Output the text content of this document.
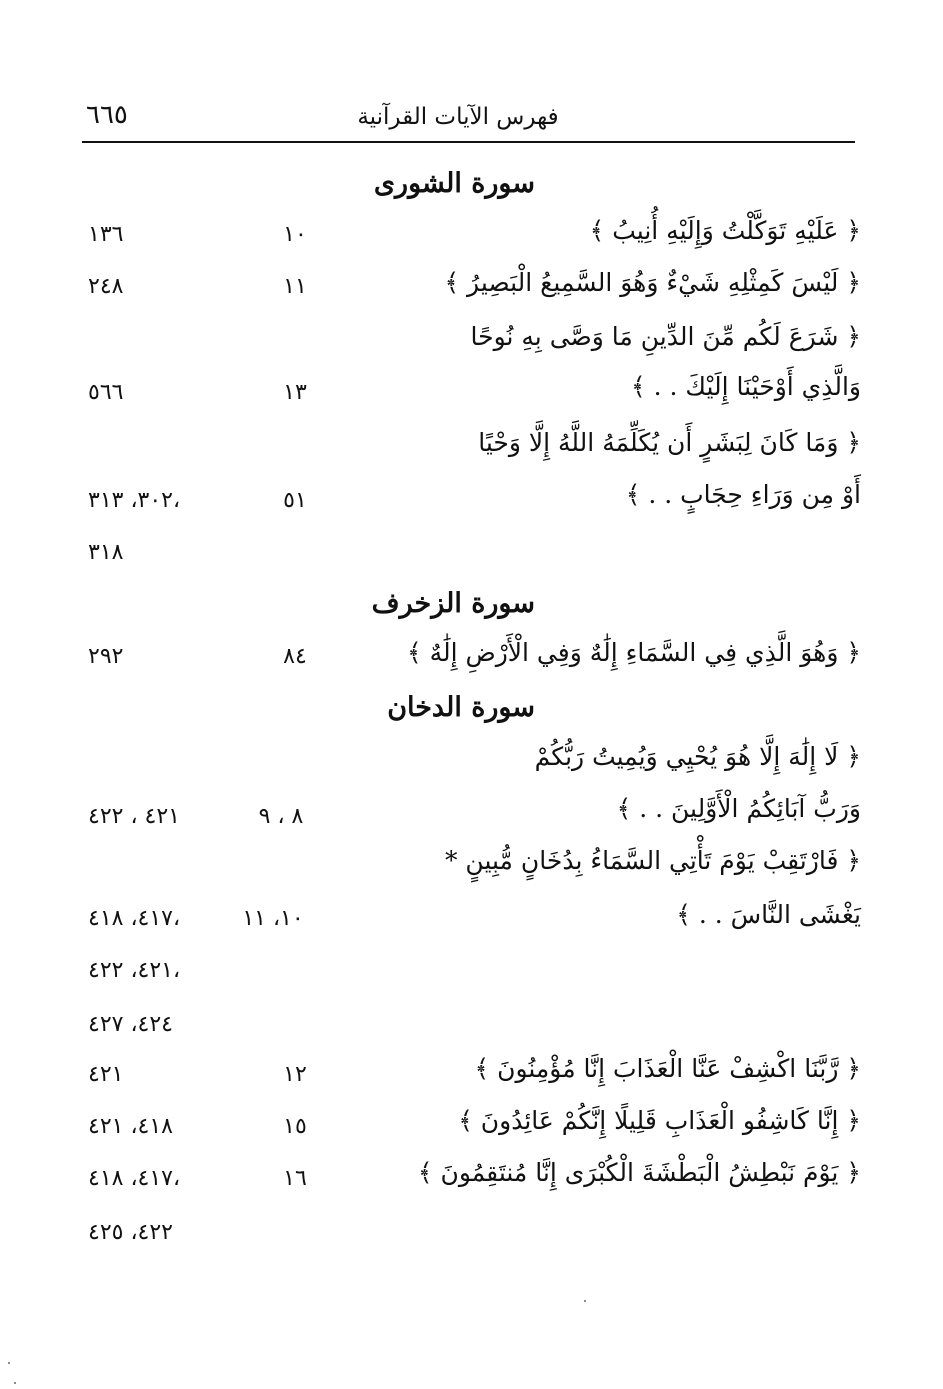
٦٦٥	فهرس الآيات القرآنية
سورة الشورى
﴿ عَلَيْهِ تَوَكَّلْتُ وَإِلَيْهِ أُنِيبُ ﴾
١٠
١٣٦
﴿ لَيْسَ كَمِثْلِهِ شَيْءٌ وَهُوَ السَّمِيعُ الْبَصِيرُ ﴾
١١
٢٤٨
﴿ شَرَعَ لَكُم مِّنَ الدِّينِ مَا وَصَّى بِهِ نُوحًا
وَالَّذِي أَوْحَيْنَا إِلَيْكَ . . ﴾
١٣
٥٦٦
﴿ وَمَا كَانَ لِبَشَرٍ أَن يُكَلِّمَهُ اللَّهُ إِلَّا وَحْيًا
أَوْ مِن وَرَاءِ حِجَابٍ . . ﴾
٥١
٣٠٢، ٣١٣،
٣١٨
سورة الزخرف
﴿ وَهُوَ الَّذِي فِي السَّمَاءِ إِلَٰهٌ وَفِي الْأَرْضِ إِلَٰهٌ ﴾
٨٤
٢٩٢
سورة الدخان
﴿ لَا إِلَٰهَ إِلَّا هُوَ يُحْيِي وَيُمِيتُ رَبُّكُمْ
وَرَبُّ آبَائِكُمُ الْأَوَّلِينَ . . ﴾
٨ ، ٩
٤٢١ ، ٤٢٢
﴿ فَارْتَقِبْ يَوْمَ تَأْتِي السَّمَاءُ بِدُخَانٍ مُّبِينٍ *
يَغْشَى النَّاسَ . . ﴾
١٠، ١١
٤١٧، ٤١٨،
٤٢١، ٤٢٢،
٤٢٤، ٤٢٧
﴿ رَّبَّنَا اكْشِفْ عَنَّا الْعَذَابَ إِنَّا مُؤْمِنُونَ ﴾
١٢
٤٢١
﴿ إِنَّا كَاشِفُو الْعَذَابِ قَلِيلًا إِنَّكُمْ عَائِدُونَ ﴾
١٥
٤١٨، ٤٢١
﴿ يَوْمَ نَبْطِشُ الْبَطْشَةَ الْكُبْرَى إِنَّا مُنتَقِمُونَ ﴾
١٦
٤١٧، ٤١٨،
٤٢٢، ٤٢٥
